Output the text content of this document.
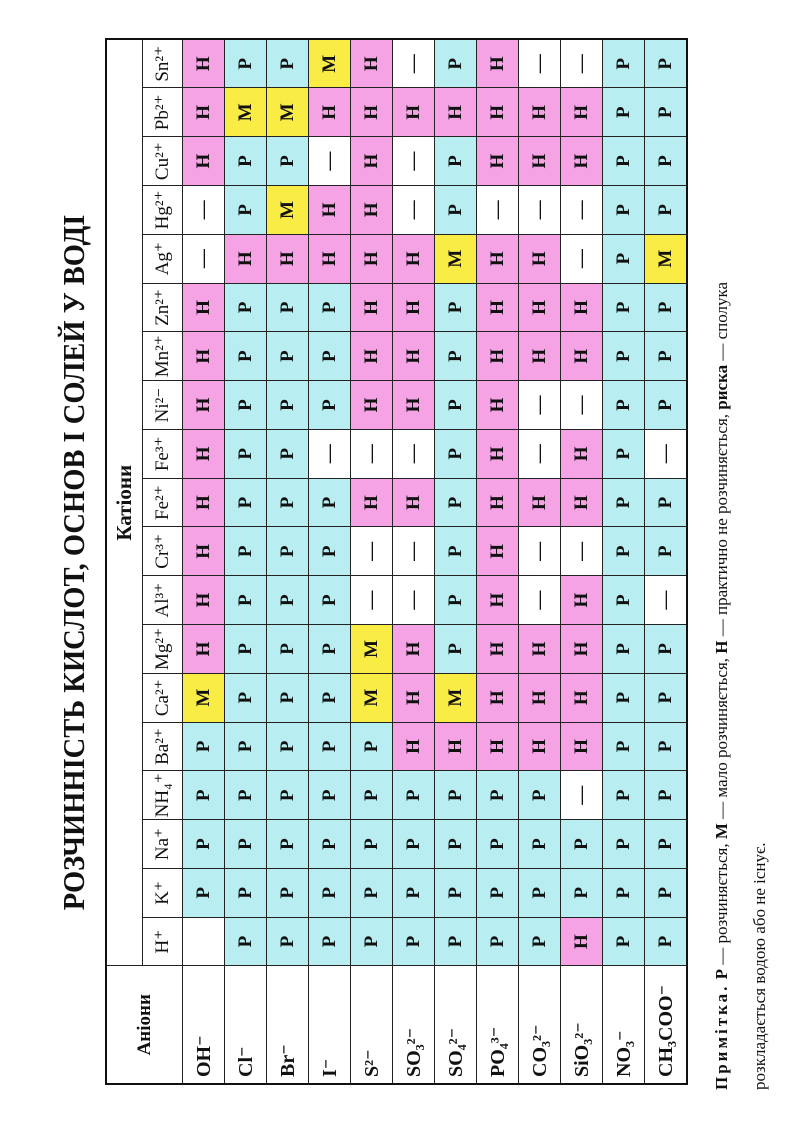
РОЗЧИННІСТЬ КИСЛОТ, ОСНОВ І СОЛЕЙ У ВОДІ
Аніони	Катіони																		
	H⁺	K⁺	Na⁺	NH₄⁺	Ba²⁺	Ca²⁺	Mg²⁺	Al³⁺	Cr³⁺	Fe²⁺	Fe³⁺	Ni²⁻	Mn²⁺	Zn²⁺	Ag⁺	Hg²⁺	Cu²⁺	Pb²⁺	Sn²⁺
OH⁻		Р	Р	Р	Р	М	Н	Н	Н	Н	Н	Н	Н	Н	—	—	Н	Н	Н
Cl⁻	Р	Р	Р	Р	Р	Р	Р	Р	Р	Р	Р	Р	Р	Р	Н	Р	Р	М	Р
Br⁻	Р	Р	Р	Р	Р	Р	Р	Р	Р	Р	Р	Р	Р	Р	Н	М	Р	М	Р
I⁻	Р	Р	Р	Р	Р	Р	Р	Р	Р	Р	—	Р	Р	Р	Н	Н	—	Н	М
S²⁻	Р	Р	Р	Р	Р	М	М	—	—	Н	—	Н	Н	Н	Н	Н	Н	Н	Н
SO₃²⁻	Р	Р	Р	Р	Н	Н	Н	—	—	Н	—	Н	Н	Н	Н	—	—	Н	—
SO₄²⁻	Р	Р	Р	Р	Н	М	Р	Р	Р	Р	Р	Р	Р	Р	М	Р	Р	Н	Р
PO₄³⁻	Р	Р	Р	Р	Н	Н	Н	Н	Н	Н	Н	Н	Н	Н	Н	—	Н	Н	Н
CO₃²⁻	Р	Р	Р	Р	Н	Н	Н	—	—	Н	—	—	Н	Н	Н	—	Н	Н	—
SiO₃²⁻	Н	Р	Р	—	Н	Н	Н	Н	—	Н	Н	—	Н	Н	—	—	Н	Н	—
NO₃⁻	Р	Р	Р	Р	Р	Р	Р	Р	Р	Р	Р	Р	Р	Р	Р	Р	Р	Р	Р
CH₃COO⁻	Р	Р	Р	Р	Р	Р	Р	—	Р	Р	—	Р	Р	Р	М	Р	Р	Р	Р
Примітка. Р — розчиняється, М — мало розчиняється, Н — практично не розчиняється, риска — сполука
розкладається водою або не існує.
